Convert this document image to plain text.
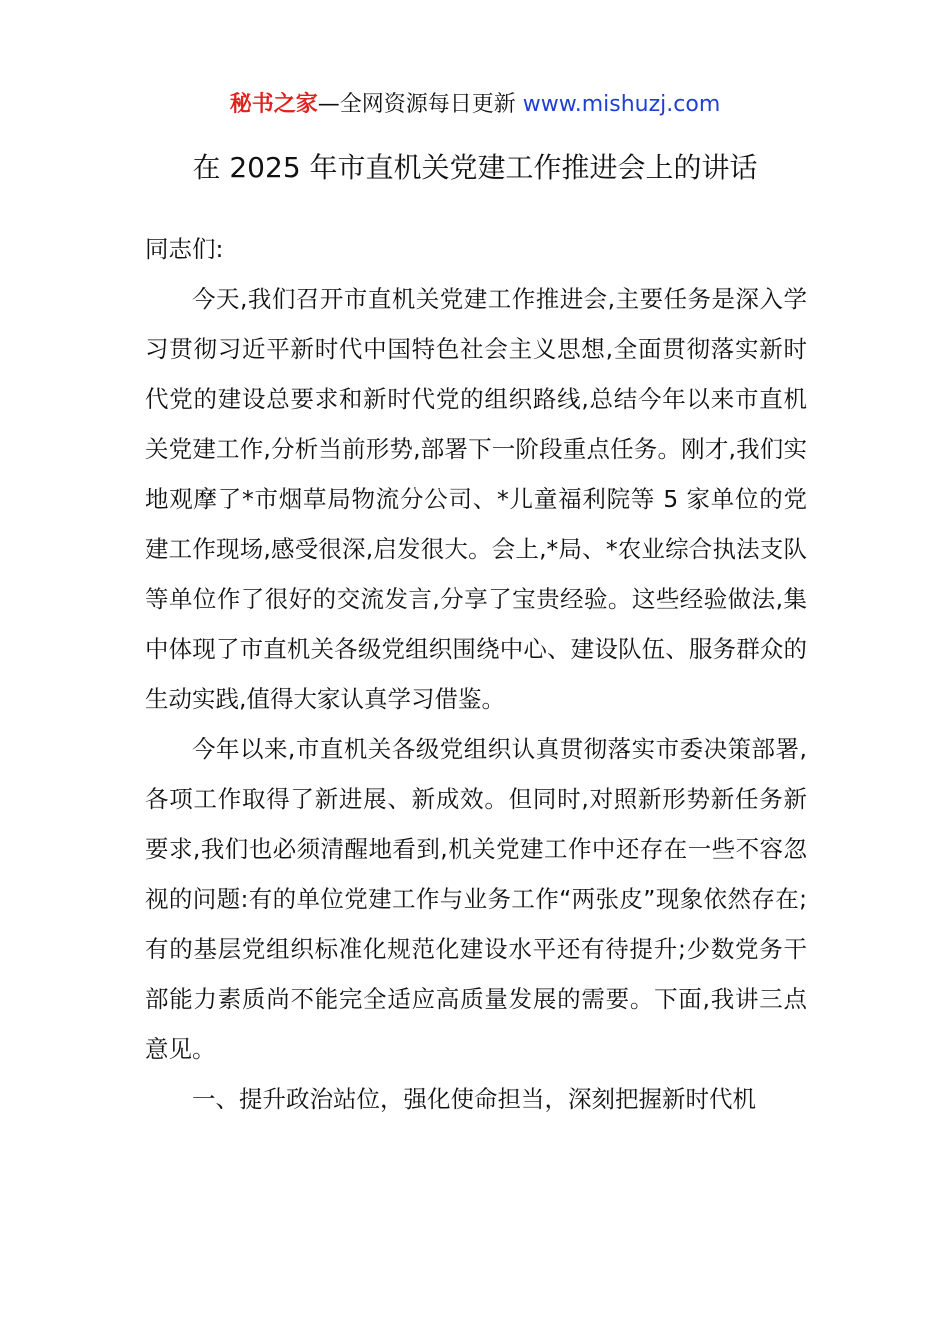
秘书之家—全网资源每日更新 www.mishuzj.com
在 2025 年市直机关党建工作推进会上的讲话

同志们:

今天,我们召开市直机关党建工作推进会,主要任务是深入学习贯彻习近平新时代中国特色社会主义思想,全面贯彻落实新时代党的建设总要求和新时代党的组织路线,总结今年以来市直机关党建工作,分析当前形势,部署下一阶段重点任务。刚才,我们实地观摩了*市烟草局物流分公司、*儿童福利院等 5 家单位的党建工作现场,感受很深,启发很大。会上,*局、*农业综合执法支队等单位作了很好的交流发言,分享了宝贵经验。这些经验做法,集中体现了市直机关各级党组织围绕中心、建设队伍、服务群众的生动实践,值得大家认真学习借鉴。

今年以来,市直机关各级党组织认真贯彻落实市委决策部署,各项工作取得了新进展、新成效。但同时,对照新形势新任务新要求,我们也必须清醒地看到,机关党建工作中还存在一些不容忽视的问题:有的单位党建工作与业务工作“两张皮”现象依然存在;有的基层党组织标准化规范化建设水平还有待提升;少数党务干部能力素质尚不能完全适应高质量发展的需要。下面,我讲三点意见。

一、提升政治站位，强化使命担当，深刻把握新时代机
